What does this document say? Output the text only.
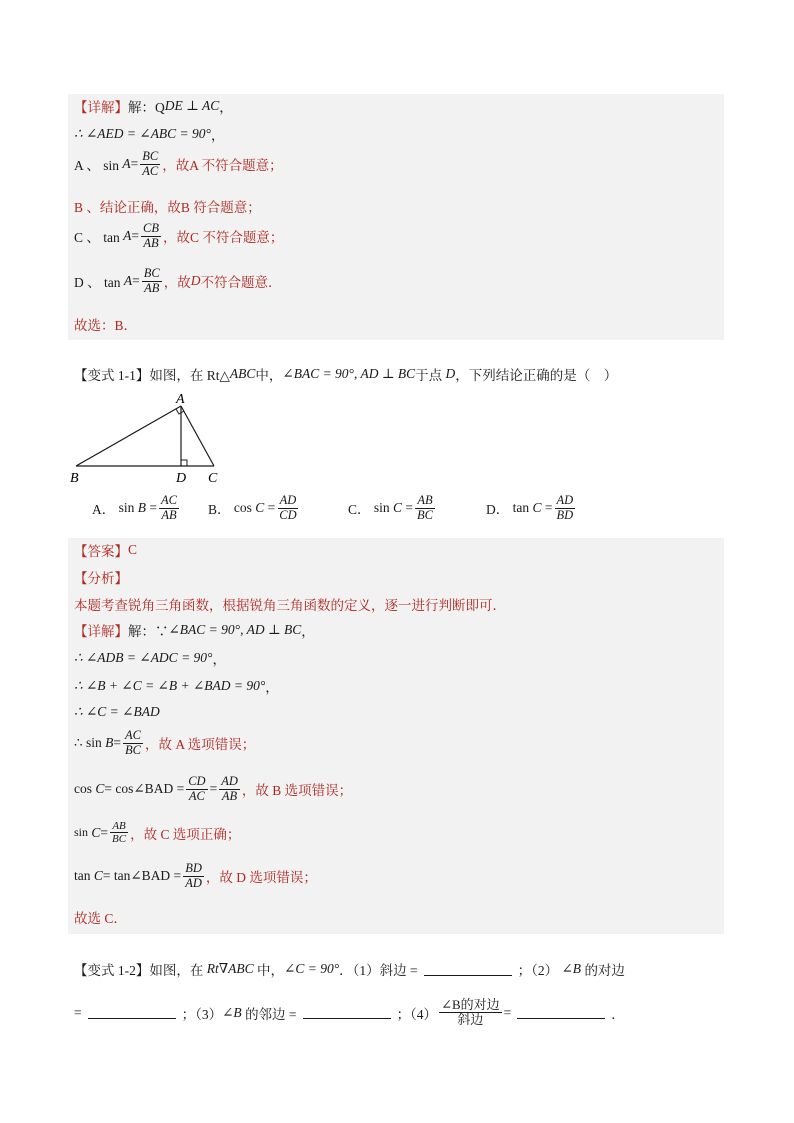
【详解】 解：Q DE ⊥ AC ，
∴ ∠AED = ∠ABC = 90° ，
A 、 sin
$A = \frac{BC}{AC}$ ，故A 不符合题意；
B 、结论正确，故B 符合题意；
C 、 tan
$A = \frac{CB}{AB}$ ，故C 不符合题意；
D 、 tan
$A = \frac{BC}{AB}$ ，故 D 不符合题意．
故选：B．
【变式 1-1】 如图，在 Rt△ ABC 中， ∠BAC = 90°, AD ⊥ BC 于点
D ，下列结论正确的是（　）
A
B	D C
A．
sin
$B = \frac{AC}{AB}$ B．
cos
$C = \frac{AD}{CD}$	C．
sin
$C = \frac{AB}{BC}$	D．
tan
$C = \frac{AD}{BD}$
【答案】 C
【分析】
本题考查锐角三角函数，根据锐角三角函数的定义，逐一进行判断即可．
【详解】 解：∵ ∠BAC = 90°, AD ⊥ BC ，
∴ ∠ADB = ∠ADC = 90° ，
∴ ∠B + ∠C = ∠B + ∠BAD = 90° ，
∴ ∠C = ∠BAD
∴ sin
$B = \frac{AC}{BC}$ ，故 A 选项错误；
cos
C = cos∠BAD = $\frac{CD}{AC} = \frac{AD}{AB}$ ，故 B 选项错误；
sin
$C = \frac{AB}{BC}$ ，故 C 选项正确；
tan
C = tan∠BAD = $\frac{BD}{AD}$ ，故 D 选项错误；
故选 C．
【变式 1-2】 如图，在
Rt∇ABC
中， ∠C = 90° ．（1）斜边 =	；（2）
∠B
的对边
=	；（3） ∠B
的邻边 =	；$(4) \frac{\text{∠B的对边}}{\text{斜边}}$ =	．
